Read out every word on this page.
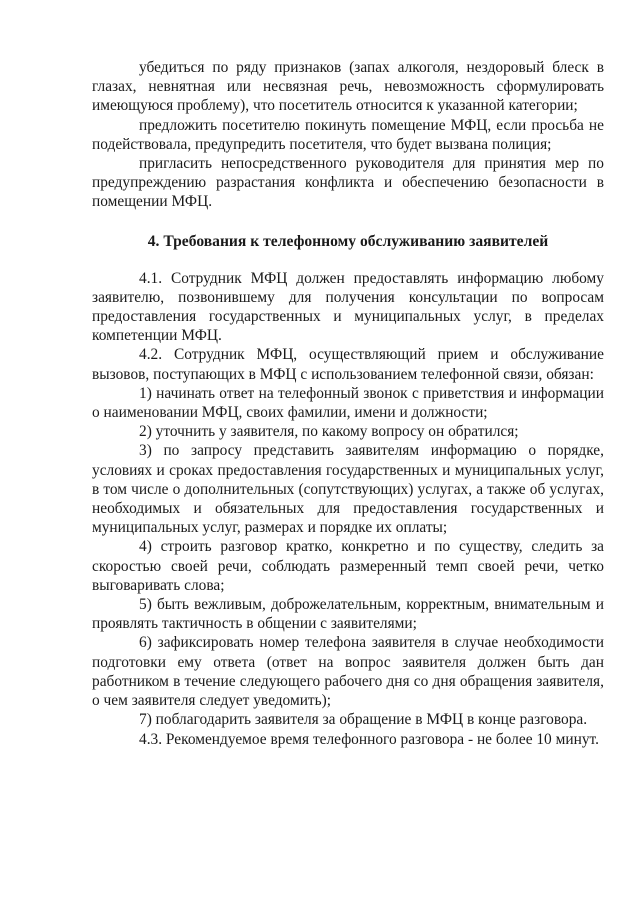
убедиться по ряду признаков (запах алкоголя, нездоровый блеск в глазах, невнятная или несвязная речь, невозможность сформулировать имеющуюся проблему), что посетитель относится к указанной категории;

предложить посетителю покинуть помещение МФЦ, если просьба не подействовала, предупредить посетителя, что будет вызвана полиция;

пригласить непосредственного руководителя для принятия мер по предупреждению разрастания конфликта и обеспечению безопасности в помещении МФЦ.

4. Требования к телефонному обслуживанию заявителей

4.1. Сотрудник МФЦ должен предоставлять информацию любому заявителю, позвонившему для получения консультации по вопросам предоставления государственных и муниципальных услуг, в пределах компетенции МФЦ.

4.2. Сотрудник МФЦ, осуществляющий прием и обслуживание вызовов, поступающих в МФЦ с использованием телефонной связи, обязан:

1) начинать ответ на телефонный звонок с приветствия и информации о наименовании МФЦ, своих фамилии, имени и должности;

2) уточнить у заявителя, по какому вопросу он обратился;

3) по запросу представить заявителям информацию о порядке, условиях и сроках предоставления государственных и муниципальных услуг, в том числе о дополнительных (сопутствующих) услугах, а также об услугах, необходимых и обязательных для предоставления государственных и муниципальных услуг, размерах и порядке их оплаты;

4) строить разговор кратко, конкретно и по существу, следить за скоростью своей речи, соблюдать размеренный темп своей речи, четко выговаривать слова;

5) быть вежливым, доброжелательным, корректным, внимательным и проявлять тактичность в общении с заявителями;

6) зафиксировать номер телефона заявителя в случае необходимости подготовки ему ответа (ответ на вопрос заявителя должен быть дан работником в течение следующего рабочего дня со дня обращения заявителя, о чем заявителя следует уведомить);

7) поблагодарить заявителя за обращение в МФЦ в конце разговора.

4.3. Рекомендуемое время телефонного разговора - не более 10 минут.
